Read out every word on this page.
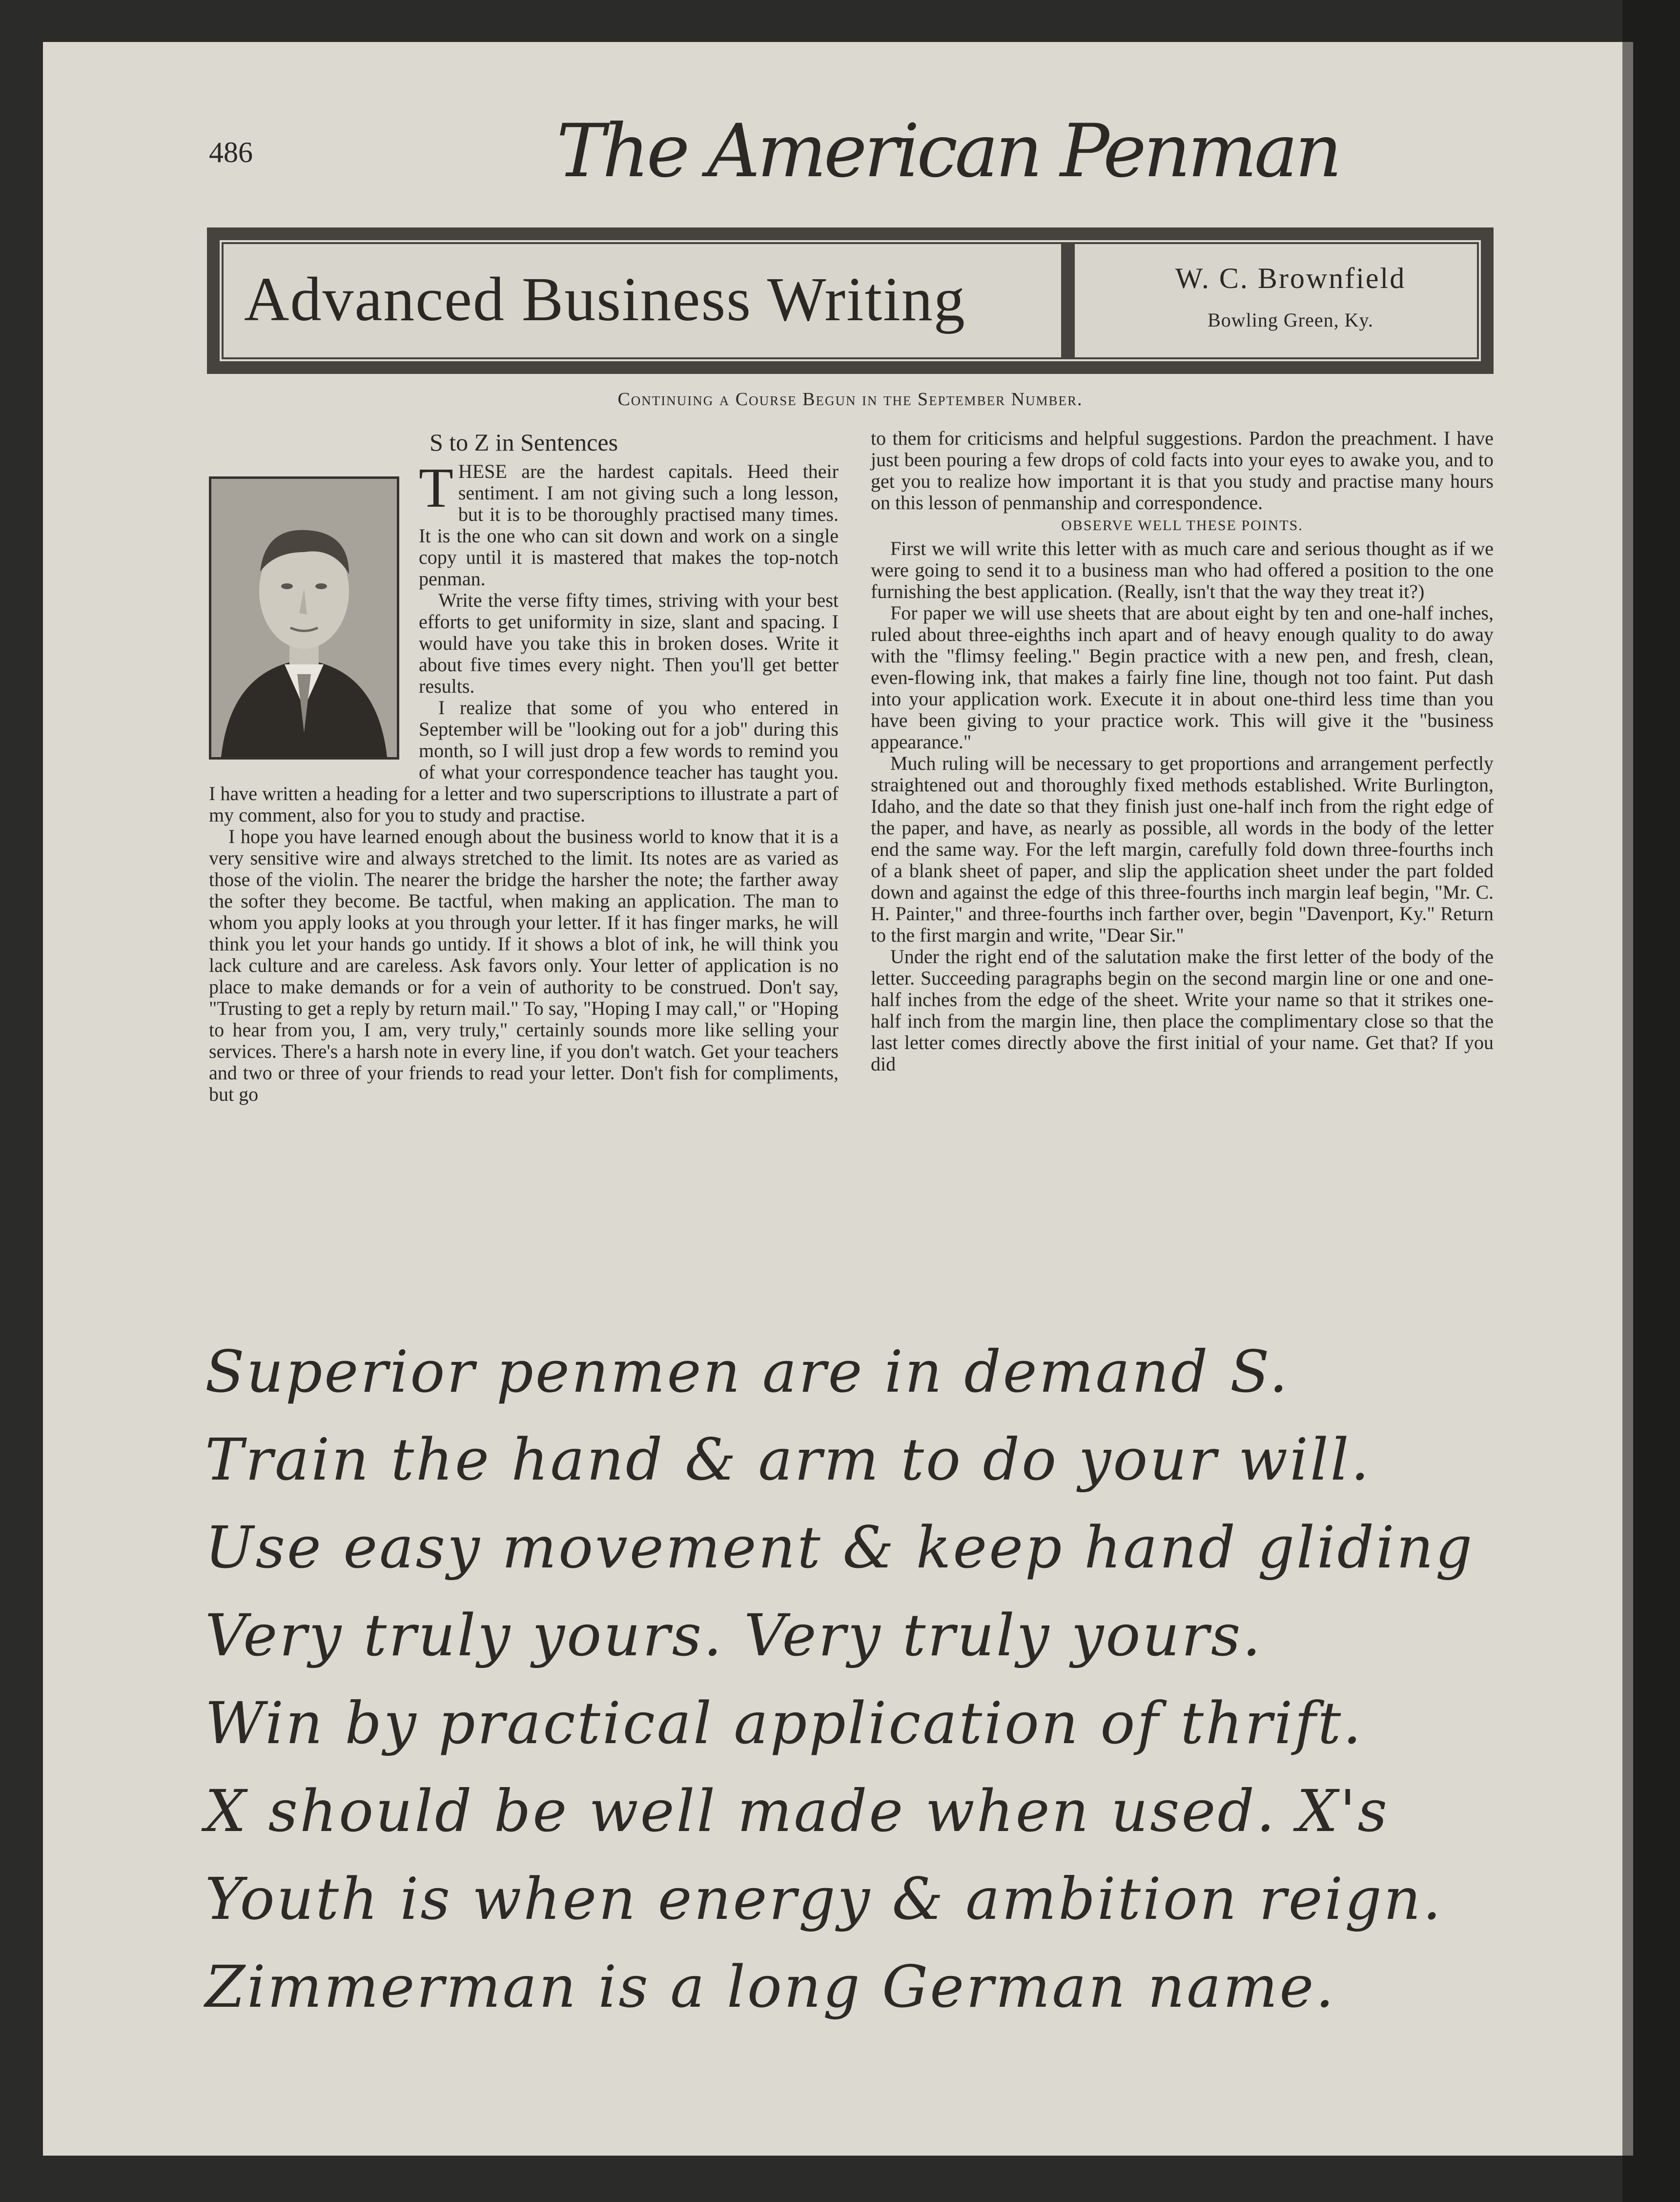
486	The American Penman
Advanced Business Writing	W. C. Brownfield
Bowling Green, Ky.
Continuing a Course Begun in the September Number.
S to Z in Sentences

THESE are the hardest capitals. Heed their sentiment. I am not giving such a long lesson, but it is to be thoroughly practised many times. It is the one who can sit down and work on a single copy until it is mastered that makes the top-notch penman.

Write the verse fifty times, striving with your best efforts to get uniformity in size, slant and spacing. I would have you take this in broken doses. Write it about five times every night. Then you'll get better results.

I realize that some of you who entered in September will be "looking out for a job" during this month, so I will just drop a few words to remind you of what your correspondence teacher has taught you. I have written a heading for a letter and two superscriptions to illustrate a part of my comment, also for you to study and practise.

I hope you have learned enough about the business world to know that it is a very sensitive wire and always stretched to the limit. Its notes are as varied as those of the violin. The nearer the bridge the harsher the note; the farther away the softer they become. Be tactful, when making an application. The man to whom you apply looks at you through your letter. If it has finger marks, he will think you let your hands go untidy. If it shows a blot of ink, he will think you lack culture and are careless. Ask favors only. Your letter of application is no place to make demands or for a vein of authority to be construed. Don't say, "Trusting to get a reply by return mail." To say, "Hoping I may call," or "Hoping to hear from you, I am, very truly," certainly sounds more like selling your services. There's a harsh note in every line, if you don't watch. Get your teachers and two or three of your friends to read your letter. Don't fish for compliments, but go

to them for criticisms and helpful suggestions. Pardon the preachment. I have just been pouring a few drops of cold facts into your eyes to awake you, and to get you to realize how important it is that you study and practise many hours on this lesson of penmanship and correspondence.

OBSERVE WELL THESE POINTS.

First we will write this letter with as much care and serious thought as if we were going to send it to a business man who had offered a position to the one furnishing the best application. (Really, isn't that the way they treat it?)

For paper we will use sheets that are about eight by ten and one-half inches, ruled about three-eighths inch apart and of heavy enough quality to do away with the "flimsy feeling." Begin practice with a new pen, and fresh, clean, even-flowing ink, that makes a fairly fine line, though not too faint. Put dash into your application work. Execute it in about one-third less time than you have been giving to your practice work. This will give it the "business appearance."

Much ruling will be necessary to get proportions and arrangement perfectly straightened out and thoroughly fixed methods established. Write Burlington, Idaho, and the date so that they finish just one-half inch from the right edge of the paper, and have, as nearly as possible, all words in the body of the letter end the same way. For the left margin, carefully fold down three-fourths inch of a blank sheet of paper, and slip the application sheet under the part folded down and against the edge of this three-fourths inch margin leaf begin, "Mr. C. H. Painter," and three-fourths inch farther over, begin "Davenport, Ky." Return to the first margin and write, "Dear Sir."

Under the right end of the salutation make the first letter of the body of the letter. Succeeding paragraphs begin on the second margin line or one and one-half inches from the edge of the sheet. Write your name so that it strikes one-half inch from the margin line, then place the complimentary close so that the last letter comes directly above the first initial of your name. Get that? If you did

Superior penmen are in demand S.
Train the hand & arm to do your will.
Use easy movement & keep hand gliding
Very truly yours. Very truly yours.
Win by practical application of thrift.
X should be well made when used. X's
Youth is when energy & ambition reign.
Zimmerman is a long German name.
